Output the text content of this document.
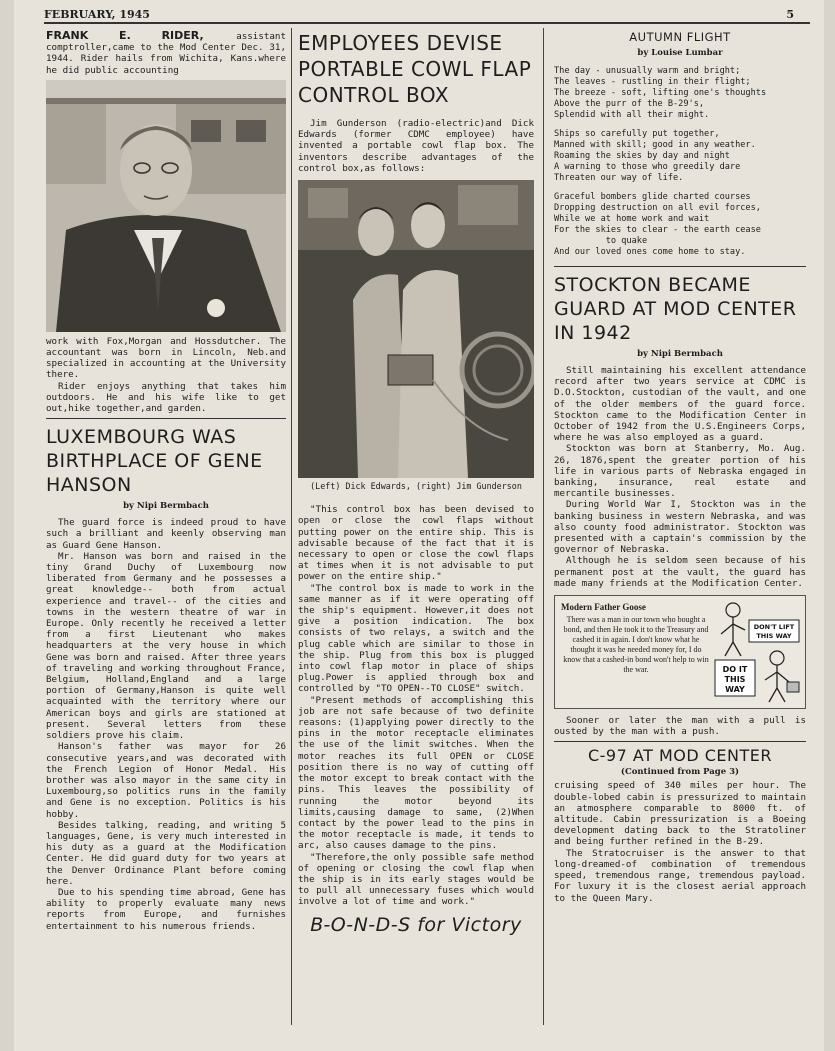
FEBRUARY, 1945	5
FRANK E. RIDER,	assistant comptroller,came to the Mod Center Dec. 31, 1944. Rider hails from Wichita, Kans.where he did public accounting

work with Fox,Morgan and Hossdutcher. The accountant was born in Lincoln, Neb.and specialized in accounting at the University there.

Rider enjoys anything that takes him outdoors. He and his wife like to get out,hike together,and garden.

LUXEMBOURG WAS BIRTHPLACE OF GENE HANSON
by Nipi Bermbach

The guard force is indeed proud to have such a brilliant and keenly observing man as Guard Gene Hanson.

Mr. Hanson was born and raised in the tiny Grand Duchy of Luxembourg now liberated from Germany and he possesses a great knowledge-- both from actual experience and travel-- of the cities and towns in the western theatre of war in Europe. Only recently he received a letter from a first Lieutenant who makes headquarters at the very house in which Gene was born and raised. After three years of traveling and working throughout France, Belgium, Holland,England and a large portion of Germany,Hanson is quite well acquainted with the territory where our American boys and girls are stationed at present. Several letters from these soldiers prove his claim.

Hanson's father was mayor for 26 consecutive years,and was decorated with the French Legion of Honor Medal. His brother was also mayor in the same city in Luxembourg,so politics runs in the family and Gene is no exception. Politics is his hobby.

Besides talking, reading, and writing 5 languages, Gene, is very much interested in his duty as a guard at the Modification Center. He did guard duty for two years at the Denver Ordinance Plant before coming here.

Due to his spending time abroad, Gene has ability to properly evaluate many news reports from Europe, and furnishes entertainment to his numerous friends.

EMPLOYEES DEVISE PORTABLE COWL FLAP CONTROL BOX

Jim Gunderson (radio-electric)and Dick Edwards (former CDMC employee) have invented a portable cowl flap box. The inventors describe advantages of the control box,as follows:

(Left) Dick Edwards, (right) Jim Gunderson

"This control box has been devised to open or close the cowl flaps without putting power on the entire ship. This is advisable because of the fact that it is necessary to open or close the cowl flaps at times when it is not advisable to put power on the entire ship."

"The control box is made to work in the same manner as if it were operating off the ship's equipment. However,it does not give a position indication. The box consists of two relays, a switch and the plug cable which are similar to those in the ship. Plug from this box is plugged into cowl flap motor in place of ships plug.Power is applied through box and controlled by "TO OPEN--TO CLOSE" switch.

"Present methods of accomplishing this job are not safe because of two definite reasons: (1)applying power directly to the pins in the motor receptacle eliminates the use of the limit switches. When the motor reaches its full OPEN or CLOSE position there is no way of cutting off the motor except to break contact with the pins. This leaves the possibility of running the motor beyond its limits,causing damage to same, (2)When contact by the power lead to the pins in the motor receptacle is made, it tends to arc, also causes damage to the pins.

"Therefore,the only possible safe method of opening or closing the cowl flap when the ship is in its early stages would be to pull all unnecessary fuses which would involve a lot of time and work."

B-O-N-D-S for Victory
AUTUMN FLIGHT
by Louise Lumbar
The day - unusually warm and bright;
The leaves - rustling in their flight;
The breeze - soft, lifting one's thoughts
Above the purr of the B-29's,
Splendid with all their might.
Ships so carefully put together,
Manned with skill; good in any weather.
Roaming the skies by day and night
A warning to those who greedily dare
Threaten our way of life.
Graceful bombers glide charted courses
Dropping destruction on all evil forces,
While we at home work and wait
For the skies to clear - the earth cease
to quake
And our loved ones come home to stay.
STOCKTON BECAME GUARD AT MOD CENTER IN 1942
by Nipi Bermbach

Still maintaining his excellent attendance record after two years service at CDMC is D.O.Stockton, custodian of the vault, and one of the older members of the guard force. Stockton came to the Modification Center in October of 1942 from the U.S.Engineers Corps, where he was also employed as a guard.

Stockton was born at Stanberry, Mo. Aug. 26, 1876,spent the greater portion of his life in various parts of Nebraska engaged in banking, insurance, real estate and mercantile businesses.

During World War I, Stockton was in the banking business in western Nebraska, and was also county food administrator. Stockton was presented with a captain's commission by the governor of Nebraska.

Although he is seldom seen because of his permanent post at the vault, the guard has made many friends at the Modification Center.

Modern Father Goose
There was a man in our town who bought a bond, and then He took it to the Treasury and cashed it in again. I don't know what he thought it was he needed money for, I do know that a cashed-in bond won't help to win the war.
DON'T LIFT
THIS WAY
DO IT
THIS
WAY

Sooner or later the man with a pull is ousted by the man with a push.

C-97 AT MOD CENTER
(Continued from Page 3)

cruising speed of 340 miles per hour. The double-lobed cabin is pressurized to maintain an atmosphere comparable to 8000 ft. of altitude. Cabin pressurization is a Boeing development dating back to the Stratoliner and being further refined in the B-29.

The Stratocruiser is the answer to that long-dreamed-of combination of tremendous speed, tremendous range, tremendous payload. For luxury it is the closest aerial approach to the Queen Mary.
